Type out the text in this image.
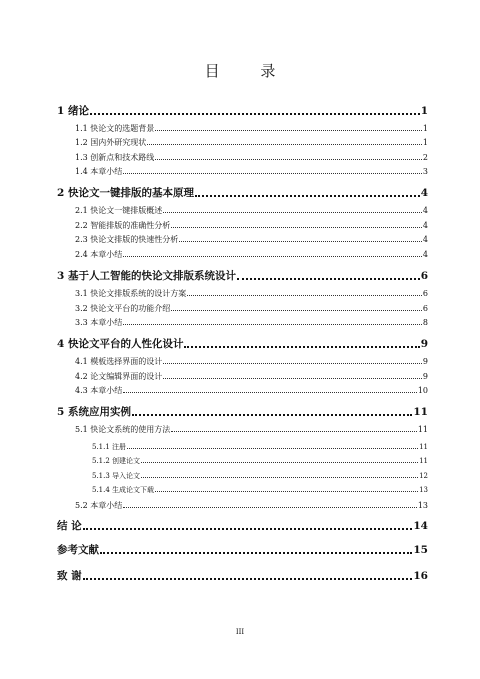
目 录
1 绪论	1
1.1 快论文的选题背景	1
1.2 国内外研究现状	1
1.3 创新点和技术路线	2
1.4 本章小结	3
2 快论文一键排版的基本原理	4
2.1 快论文一键排版概述	4
2.2 智能排版的准确性分析	4
2.3 快论文排版的快速性分析	4
2.4 本章小结	4
3 基于人工智能的快论文排版系统设计	6
3.1 快论文排版系统的设计方案	6
3.2 快论文平台的功能介绍	6
3.3 本章小结	8
4 快论文平台的人性化设计	9
4.1 模板选择界面的设计	9
4.2 论文编辑界面的设计	9
4.3 本章小结	10
5 系统应用实例	11
5.1 快论文系统的使用方法	11
5.1.1 注册	11
5.1.2 创建论文	11
5.1.3 导入论文	12
5.1.4 生成论文下载	13
5.2 本章小结	13
结 论	14
参考文献	15
致 谢	16
III
